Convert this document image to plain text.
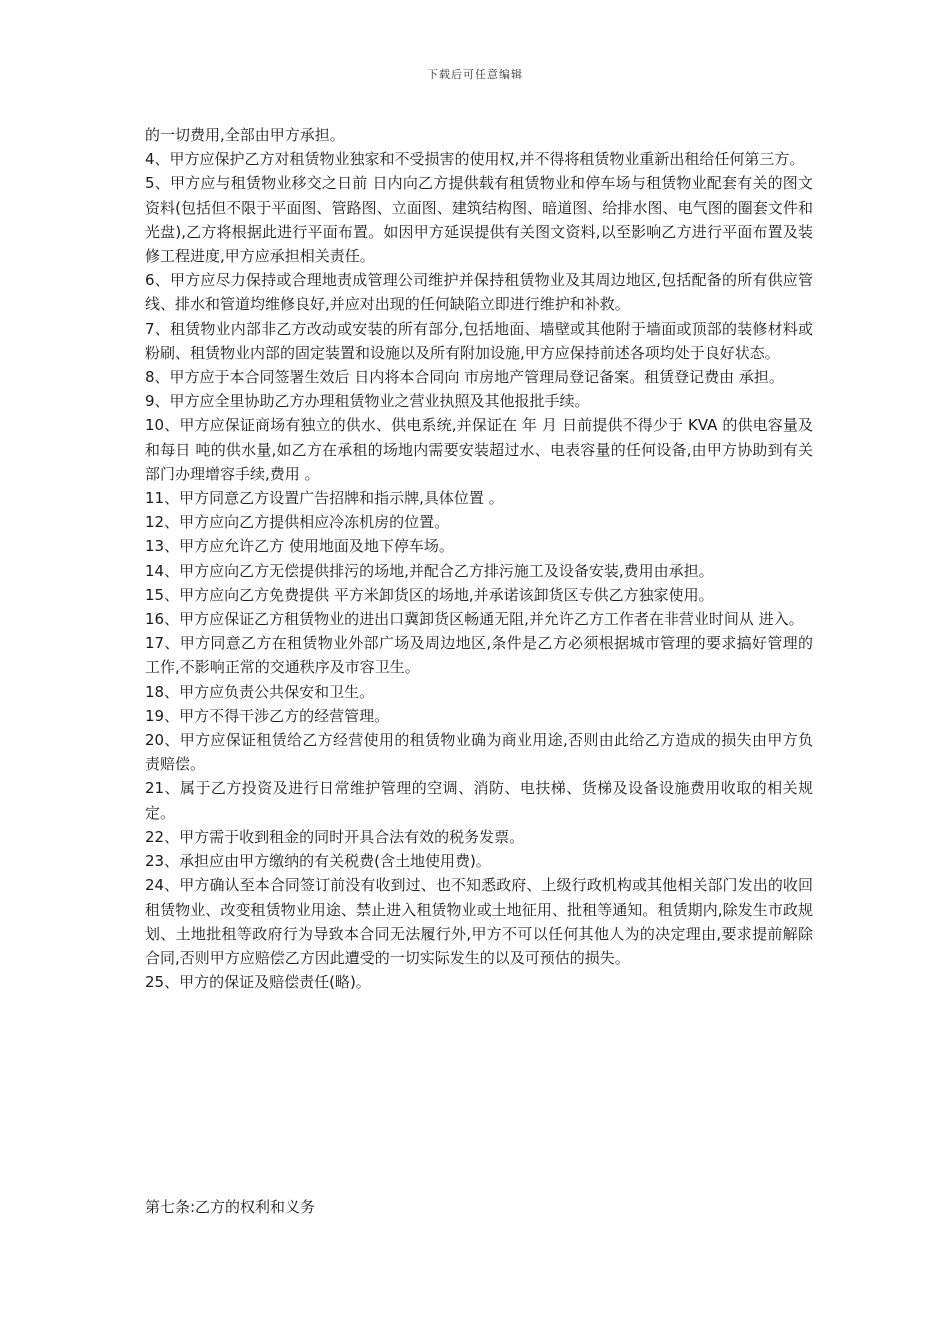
下载后可任意编辑

的一切费用,全部由甲方承担。

4、甲方应保护乙方对租赁物业独家和不受损害的使用权,并不得将租赁物业重新出租给任何第三方。

5、甲方应与租赁物业移交之日前 日内向乙方提供载有租赁物业和停车场与租赁物业配套有关的图文资料(包括但不限于平面图、管路图、立面图、建筑结构图、暗道图、给排水图、电气图的圈套文件和光盘),乙方将根据此进行平面布置。如因甲方延误提供有关图文资料,以至影响乙方进行平面布置及装修工程进度,甲方应承担相关责任。

6、甲方应尽力保持或合理地责成管理公司维护并保持租赁物业及其周边地区,包括配备的所有供应管线、排水和管道均维修良好,并应对出现的任何缺陷立即进行维护和补救。

7、租赁物业内部非乙方改动或安装的所有部分,包括地面、墙壁或其他附于墙面或顶部的装修材料或粉刷、租赁物业内部的固定装置和设施以及所有附加设施,甲方应保持前述各项均处于良好状态。

8、甲方应于本合同签署生效后 日内将本合同向 市房地产管理局登记备案。租赁登记费由 承担。

9、甲方应全里协助乙方办理租赁物业之营业执照及其他报批手续。

10、甲方应保证商场有独立的供水、供电系统,并保证在 年 月 日前提供不得少于 KVA 的供电容量及 和每日 吨的供水量,如乙方在承租的场地内需要安装超过水、电表容量的任何设备,由甲方协助到有关部门办理增容手续,费用 。

11、甲方同意乙方设置广告招牌和指示牌,具体位置 。

12、甲方应向乙方提供相应冷冻机房的位置。

13、甲方应允许乙方 使用地面及地下停车场。

14、甲方应向乙方无偿提供排污的场地,并配合乙方排污施工及设备安装,费用由承担。

15、甲方应向乙方免费提供 平方米卸货区的场地,并承诺该卸货区专供乙方独家使用。

16、甲方应保证乙方租赁物业的进出口冀卸货区畅通无阻,并允许乙方工作者在非营业时间从 进入。

17、甲方同意乙方在租赁物业外部广场及周边地区,条件是乙方必须根据城市管理的要求搞好管理的工作,不影响正常的交通秩序及市容卫生。

18、甲方应负责公共保安和卫生。

19、甲方不得干涉乙方的经营管理。

20、甲方应保证租赁给乙方经营使用的租赁物业确为商业用途,否则由此给乙方造成的损失由甲方负责赔偿。

21、属于乙方投资及进行日常维护管理的空调、消防、电扶梯、货梯及设备设施费用收取的相关规定。

22、甲方需于收到租金的同时开具合法有效的税务发票。

23、承担应由甲方缴纳的有关税费(含土地使用费)。

24、甲方确认至本合同签订前没有收到过、也不知悉政府、上级行政机构或其他相关部门发出的收回租赁物业、改变租赁物业用途、禁止进入租赁物业或土地征用、批租等通知。租赁期内,除发生市政规划、土地批租等政府行为导致本合同无法履行外,甲方不可以任何其他人为的决定理由,要求提前解除合同,否则甲方应赔偿乙方因此遭受的一切实际发生的以及可预估的损失。

25、甲方的保证及赔偿责任(略)。

第七条:乙方的权利和义务
